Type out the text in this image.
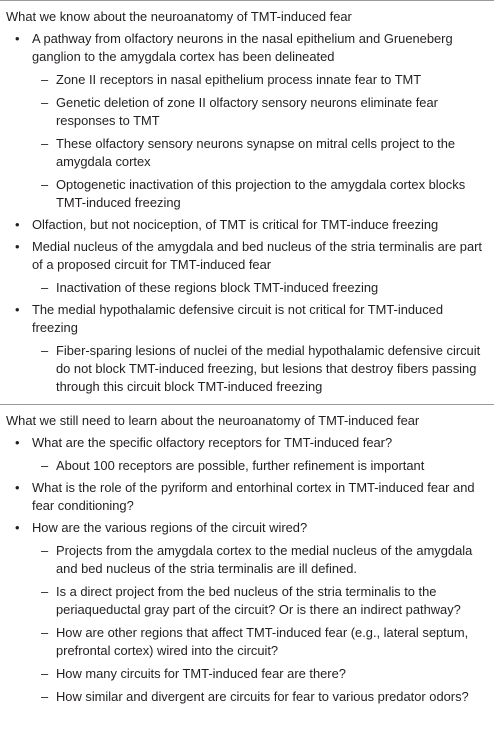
What we know about the neuroanatomy of TMT-induced fear
• A pathway from olfactory neurons in the nasal epithelium and Grueneberg ganglion to the amygdala cortex has been delineated
– Zone II receptors in nasal epithelium process innate fear to TMT
– Genetic deletion of zone II olfactory sensory neurons eliminate fear responses to TMT
– These olfactory sensory neurons synapse on mitral cells project to the amygdala cortex
– Optogenetic inactivation of this projection to the amygdala cortex blocks TMT-induced freezing
• Olfaction, but not nociception, of TMT is critical for TMT-induce freezing
• Medial nucleus of the amygdala and bed nucleus of the stria terminalis are part of a proposed circuit for TMT-induced fear
– Inactivation of these regions block TMT-induced freezing
• The medial hypothalamic defensive circuit is not critical for TMT-induced freezing
– Fiber-sparing lesions of nuclei of the medial hypothalamic defensive circuit do not block TMT-induced freezing, but lesions that destroy fibers passing through this circuit block TMT-induced freezing
What we still need to learn about the neuroanatomy of TMT-induced fear
• What are the specific olfactory receptors for TMT-induced fear?
– About 100 receptors are possible, further refinement is important
• What is the role of the pyriform and entorhinal cortex in TMT-induced fear and fear conditioning?
• How are the various regions of the circuit wired?
– Projects from the amygdala cortex to the medial nucleus of the amygdala and bed nucleus of the stria terminalis are ill defined.
– Is a direct project from the bed nucleus of the stria terminalis to the periaqueductal gray part of the circuit? Or is there an indirect pathway?
– How are other regions that affect TMT-induced fear (e.g., lateral septum, prefrontal cortex) wired into the circuit?
– How many circuits for TMT-induced fear are there?
– How similar and divergent are circuits for fear to various predator odors?
